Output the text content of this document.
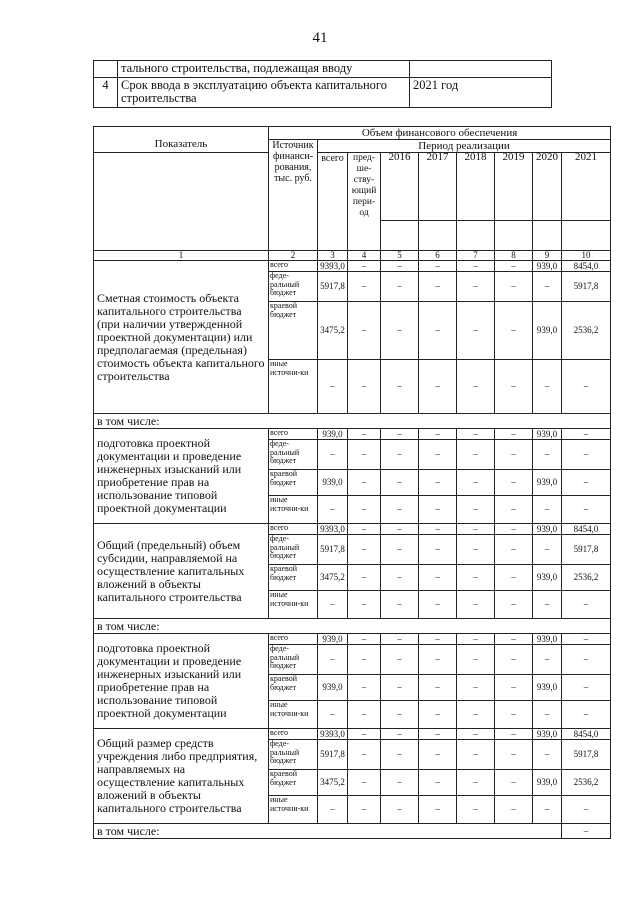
41
	тального строительства, подлежащая вводу	
4	Срок ввода в эксплуатацию объекта капитального строительства	2021 год
Показатель	Объем финансового обеспечения								
	Источник финанси-рования, тыс. руб.	Период реализации							
		всего	пред-ше-ству-ющий пери-од	2016	2017	2018	2019	2020	2021

1	2	3	4	5	6	7	8	9	10
Сметная стоимость объекта капитального строительства (при наличии утвержденной проектной документации) или предполагаемая (предельная) стоимость объекта капитального строительства	всего	9393,0	–	–	–	–	–	939,0	8454,0
	феде-ральный бюджет	5917,8	–	–	–	–	–	–	5917,8
	краевой бюджет	3475,2	–	–	–	–	–	939,0	2536,2
	иные источни-ки	–	–	–	–	–	–	–	–
в том числе:									
подготовка проектной документации и проведение инженерных изысканий или приобретение прав на использование типовой проектной документации	всего	939,0	–	–	–	–	–	939,0	–
	феде-ральный бюджет	–	–	–	–	–	–	–	–
	краевой бюджет	939,0	–	–	–	–	–	939,0	–
	иные источни-ки	–	–	–	–	–	–	–	–
Общий (предельный) объем субсидии, направляемой на осуществление капитальных вложений в объекты капитального строительства	всего	9393,0	–	–	–	–	–	939,0	8454,0
	феде-ральный бюджет	5917,8	–	–	–	–	–	–	5917,8
	краевой бюджет	3475,2	–	–	–	–	–	939,0	2536,2
	иные источни-ки	–	–	–	–	–	–	–	–
в том числе:									
подготовка проектной документации и проведение инженерных изысканий или приобретение прав на использование типовой проектной документации	всего	939,0	–	–	–	–	–	939,0	–
	феде-ральный бюджет	–	–	–	–	–	–	–	–
	краевой бюджет	939,0	–	–	–	–	–	939,0	–
	иные источни-ки	–	–	–	–	–	–	–	–
Общий размер средств учреждения либо предприятия, направляемых на осуществление капитальных вложений в объекты капитального строительства	всего	9393,0	–	–	–	–	–	939,0	8454,0
	феде-ральный бюджет	5917,8	–	–	–	–	–	–	5917,8
	краевой бюджет	3475,2	–	–	–	–	–	939,0	2536,2
	иные источни-ки	–	–	–	–	–	–	–	–
в том числе:									–
